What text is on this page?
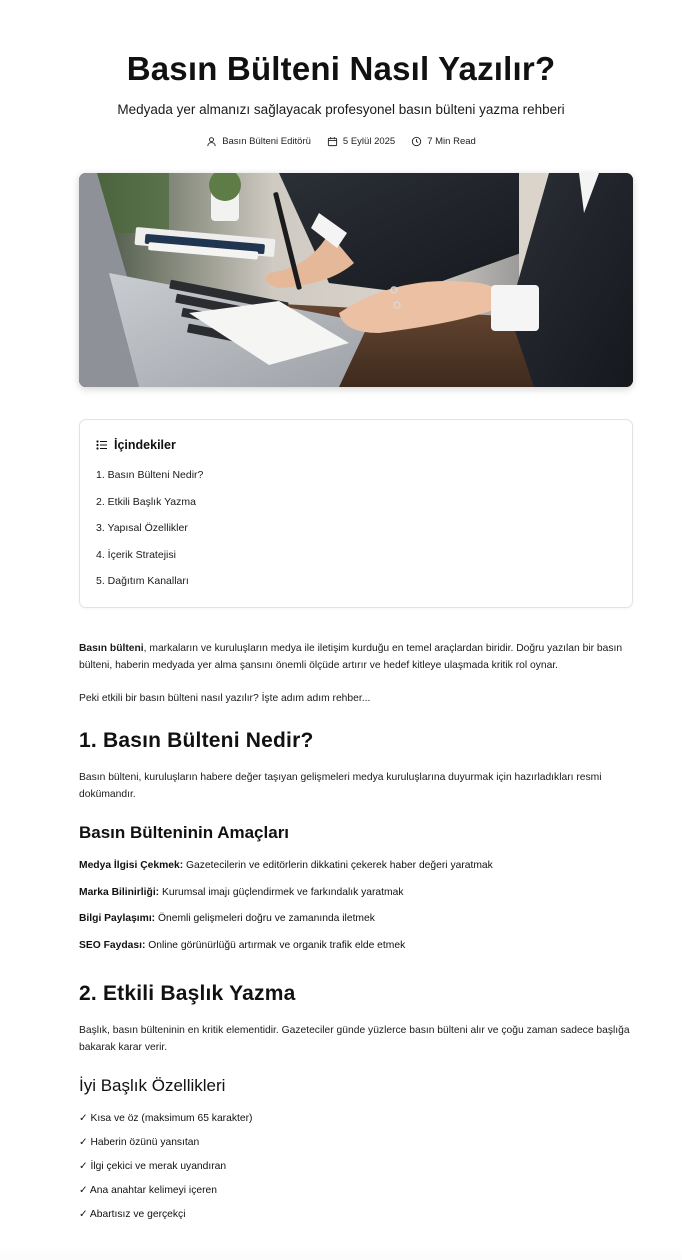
Basın Bülteni Nasıl Yazılır?
Medyada yer almanızı sağlayacak profesyonel basın bülteni yazma rehberi
Basın Bülteni Editörü	5 Eylül 2025	7 Min Read
İçindekiler
1. Basın Bülteni Nedir?
2. Etkili Başlık Yazma
3. Yapısal Özellikler
4. İçerik Stratejisi
5. Dağıtım Kanalları

Basın bülteni, markaların ve kuruluşların medya ile iletişim kurduğu en temel araçlardan biridir. Doğru yazılan bir basın bülteni, haberin medyada yer alma şansını önemli ölçüde artırır ve hedef kitleye ulaşmada kritik rol oynar.

Peki etkili bir basın bülteni nasıl yazılır? İşte adım adım rehber...

1. Basın Bülteni Nedir?

Basın bülteni, kuruluşların habere değer taşıyan gelişmeleri medya kuruluşlarına duyurmak için hazırladıkları resmi dokümandır.

Basın Bülteninin Amaçları
Medya İlgisi Çekmek: Gazetecilerin ve editörlerin dikkatini çekerek haber değeri yaratmak
Marka Bilinirliği: Kurumsal imajı güçlendirmek ve farkındalık yaratmak
Bilgi Paylaşımı: Önemli gelişmeleri doğru ve zamanında iletmek
SEO Faydası: Online görünürlüğü artırmak ve organik trafik elde etmek
2. Etkili Başlık Yazma

Başlık, basın bülteninin en kritik elementidir. Gazeteciler günde yüzlerce basın bülteni alır ve çoğu zaman sadece başlığa bakarak karar verir.

İyi Başlık Özellikleri
✓ Kısa ve öz (maksimum 65 karakter)
✓ Haberin özünü yansıtan
✓ İlgi çekici ve merak uyandıran
✓ Ana anahtar kelimeyi içeren
✓ Abartısız ve gerçekçi
